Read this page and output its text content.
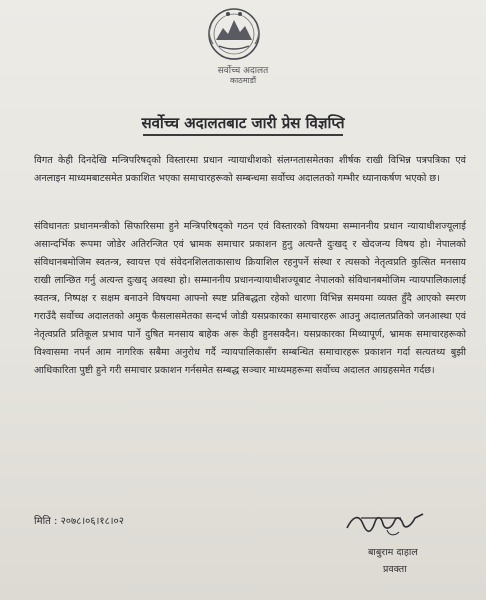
सर्वोच्च अदालत
काठमाडौं
सर्वोच्च अदालतबाट जारी प्रेस विज्ञप्ति

विगत केही दिनदेखि मन्त्रिपरिषद्को विस्तारमा प्रधान न्यायाधीशको संलग्नतासमेतका शीर्षक राखी विभिन्न पत्रपत्रिका एवं अनलाइन माध्यमबाटसमेत प्रकाशित भएका समाचारहरूको सम्बन्धमा सर्वोच्च अदालतको गम्भीर ध्यानाकर्षण भएको छ।

संविधानतः प्रधानमन्त्रीको सिफारिसमा हुने मन्त्रिपरिषद्को गठन एवं विस्तारको विषयमा सम्माननीय प्रधान न्यायाधीशज्यूलाई असान्दर्भिक रूपमा जोडेर अतिरन्जित एवं भ्रामक समाचार प्रकाशन हुनु अत्यन्तै दुःखद् र खेदजन्य विषय हो। नेपालको संविधानबमोजिम स्वतन्त्र, स्वायत्त एवं संवेदनशिलताकासाथ क्रियाशिल रहनुपर्ने संस्था र त्यसको नेतृत्वप्रति कुत्सित मनसाय राखी लान्छित गर्नु अत्यन्त दुःखद् अवस्था हो। सम्माननीय प्रधानन्यायाधीशज्यूबाट नेपालको संविधानबमोजिम न्यायपालिकालाई स्वतन्त्र, निष्पक्ष र सक्षम बनाउने विषयमा आफ्नो स्पष्ट प्रतिबद्धता रहेको धारणा विभिन्न समयमा व्यक्त हुँदै आएको स्मरण गराउँदै सर्वोच्च अदालतको अमुक फैसलासमेतका सन्दर्भ जोडी यसप्रकारका समाचारहरू आउनु अदालतप्रतिको जनआस्था एवं नेतृत्वप्रति प्रतिकूल प्रभाव पार्ने दुषित मनसाय बाहेक अरू केही हुनसक्दैन। यसप्रकारका मिथ्यापूर्ण, भ्रामक समाचारहरूको विश्वासमा नपर्न आम नागरिक सबैमा अनुरोध गर्दै न्यायपालिकासँग सम्बन्धित समाचारहरू प्रकाशन गर्दा सत्यतथ्य बुझी आधिकारिता पुष्टी हुने गरी समाचार प्रकाशन गर्नसमेत सम्बद्ध सञ्चार माध्यमहरूमा सर्वोच्च अदालत आग्रहसमेत गर्दछ।

मिति : २०७८।०६।१८।०२
बाबुराम दाहाल
प्रवक्ता
